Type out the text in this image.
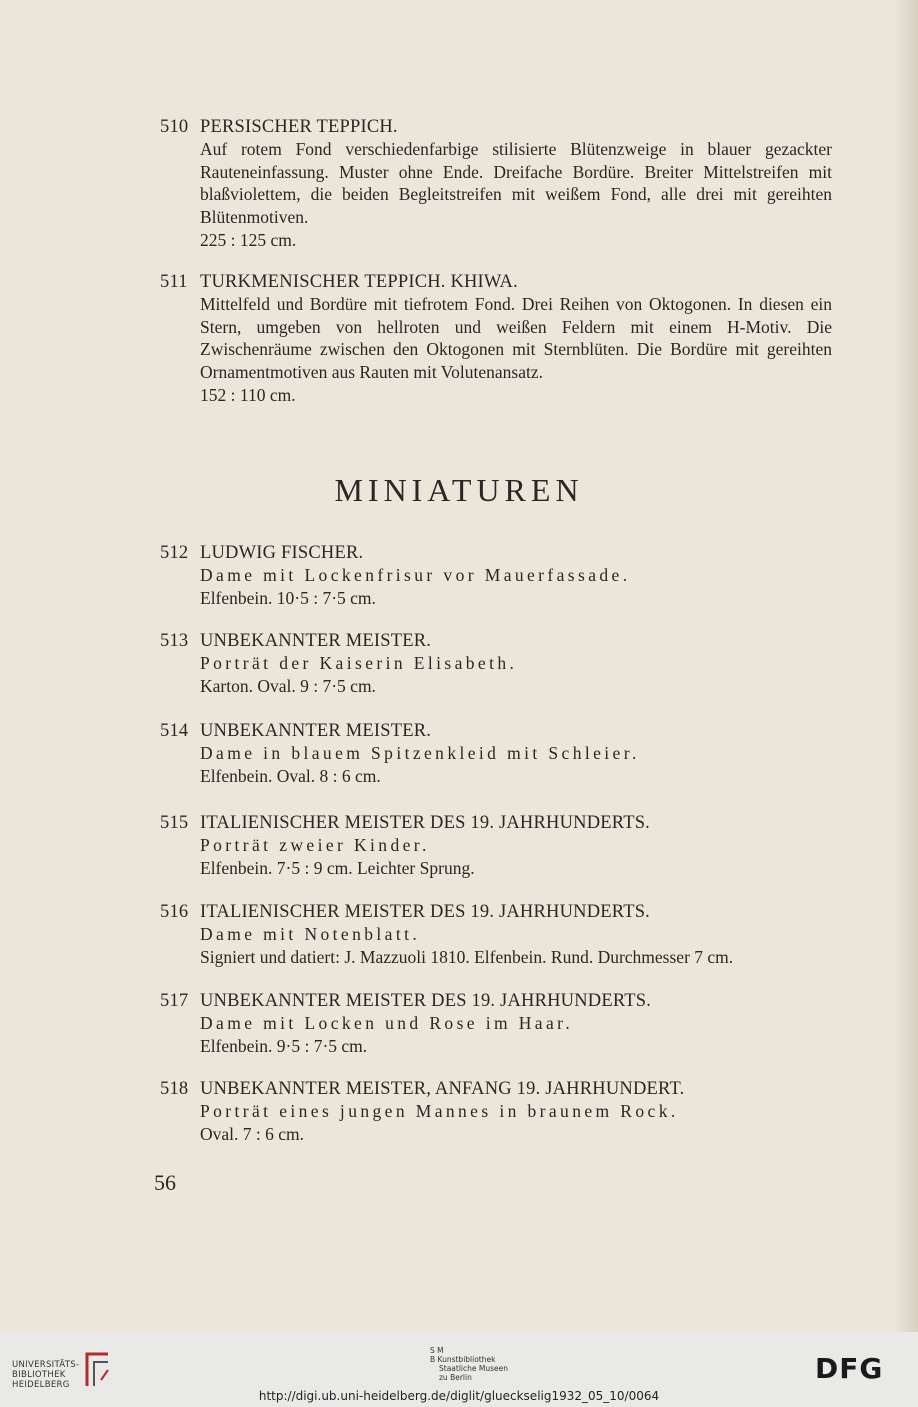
510 PERSISCHER TEPPICH.
Auf rotem Fond verschiedenfarbige stilisierte Blütenzweige in blauer gezackter Rauteneinfassung. Muster ohne Ende. Dreifache Bordüre. Breiter Mittelstreifen mit blaßviolettem, die beiden Begleitstreifen mit weißem Fond, alle drei mit gereihten Blütenmotiven.
225 : 125 cm.
511 TURKMENISCHER TEPPICH. KHIWA.
Mittelfeld und Bordüre mit tiefrotem Fond. Drei Reihen von Oktogonen. In diesen ein Stern, umgeben von hellroten und weißen Feldern mit einem H-Motiv. Die Zwischenräume zwischen den Oktogonen mit Sternblüten. Die Bordüre mit gereihten Ornamentmotiven aus Rauten mit Volutenansatz.
152 : 110 cm.
MINIATUREN
512 LUDWIG FISCHER.
Dame mit Lockenfrisur vor Mauerfassade.
Elfenbein. 10·5 : 7·5 cm.
513 UNBEKANNTER MEISTER.
Porträt der Kaiserin Elisabeth.
Karton. Oval. 9 : 7·5 cm.
514 UNBEKANNTER MEISTER.
Dame in blauem Spitzenkleid mit Schleier.
Elfenbein. Oval. 8 : 6 cm.
515 ITALIENISCHER MEISTER DES 19. JAHRHUNDERTS.
Porträt zweier Kinder.
Elfenbein. 7·5 : 9 cm. Leichter Sprung.
516 ITALIENISCHER MEISTER DES 19. JAHRHUNDERTS.
Dame mit Notenblatt.
Signiert und datiert: J. Mazzuoli 1810. Elfenbein. Rund. Durchmesser 7 cm.
517 UNBEKANNTER MEISTER DES 19. JAHRHUNDERTS.
Dame mit Locken und Rose im Haar.
Elfenbein. 9·5 : 7·5 cm.
518 UNBEKANNTER MEISTER, ANFANG 19. JAHRHUNDERT.
Porträt eines jungen Mannes in braunem Rock.
Oval. 7 : 6 cm.
56
UNIVERSITÄTS-
BIBLIOTHEK
HEIDELBERG
S M
B Kunstbibliothek
Staatliche Museen
zu Berlin	DFG
http://digi.ub.uni-heidelberg.de/diglit/glueckselig1932_05_10/0064
